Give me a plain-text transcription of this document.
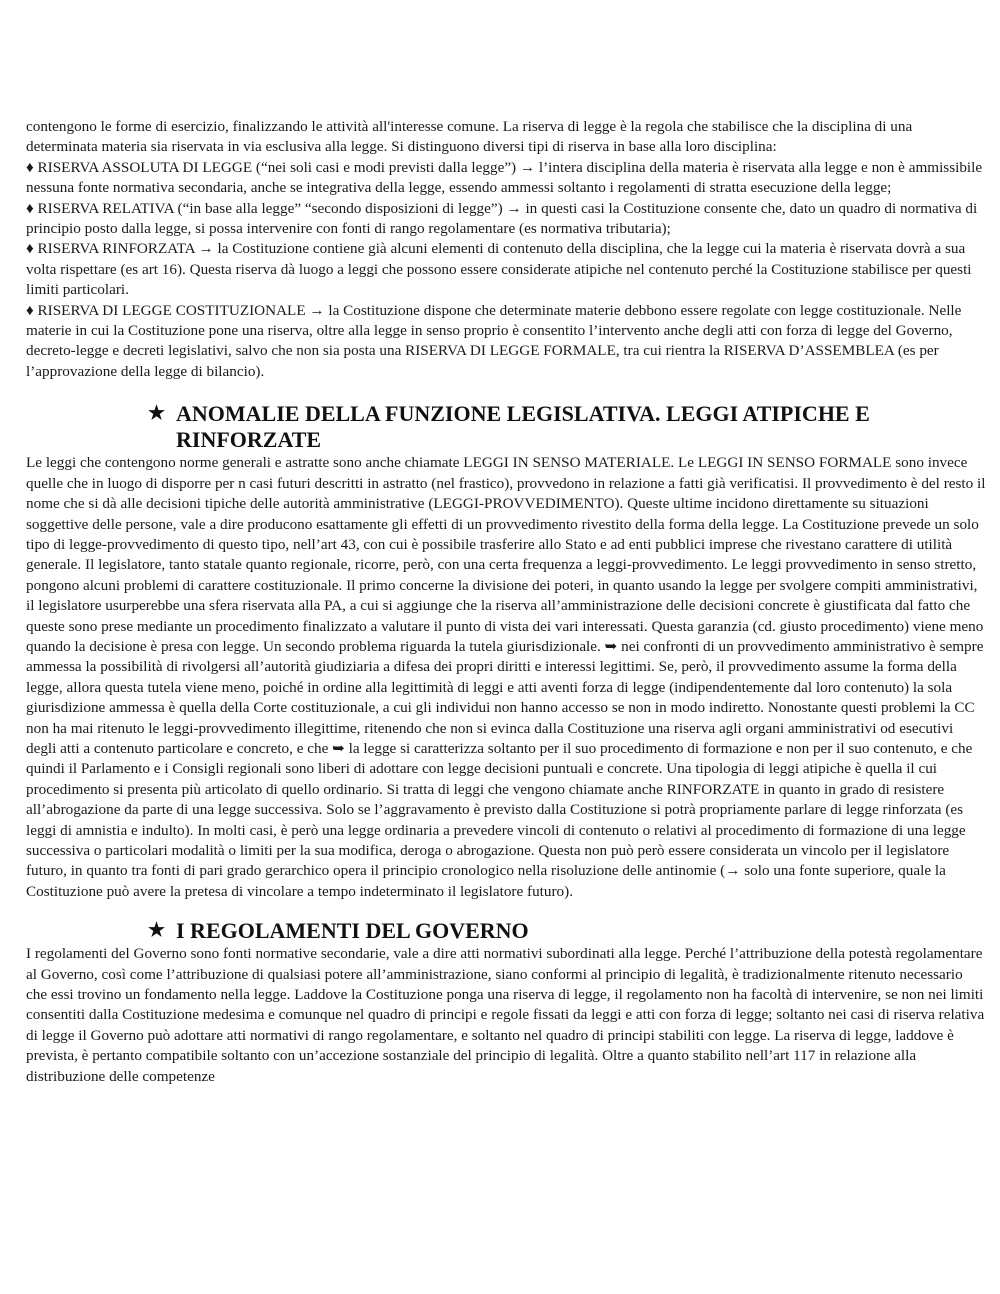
contengono le forme di esercizio, finalizzando le attività all'interesse comune. La riserva di legge è la regola che stabilisce che la disciplina di una determinata materia sia riservata in via esclusiva alla legge. Si distinguono diversi tipi di riserva in base alla loro disciplina:

♦ RISERVA ASSOLUTA DI LEGGE (“nei soli casi e modi previsti dalla legge”) → l’intera disciplina della materia è riservata alla legge e non è ammissibile nessuna fonte normativa secondaria, anche se integrativa della legge, essendo ammessi soltanto i regolamenti di stratta esecuzione della legge;

♦ RISERVA RELATIVA (“in base alla legge” “secondo disposizioni di legge”) → in questi casi la Costituzione consente che, dato un quadro di normativa di principio posto dalla legge, si possa intervenire con fonti di rango regolamentare (es normativa tributaria);

♦ RISERVA RINFORZATA → la Costituzione contiene già alcuni elementi di contenuto della disciplina, che la legge cui la materia è riservata dovrà a sua volta rispettare (es art 16). Questa riserva dà luogo a leggi che possono essere considerate atipiche nel contenuto perché la Costituzione stabilisce per questi limiti particolari.

♦ RISERVA DI LEGGE COSTITUZIONALE → la Costituzione dispone che determinate materie debbono essere regolate con legge costituzionale. Nelle materie in cui la Costituzione pone una riserva, oltre alla legge in senso proprio è consentito l’intervento anche degli atti con forza di legge del Governo, decreto-legge e decreti legislativi, salvo che non sia posta una RISERVA DI LEGGE FORMALE, tra cui rientra la RISERVA D’ASSEMBLEA (es per l’approvazione della legge di bilancio).

★ ANOMALIE DELLA FUNZIONE LEGISLATIVA. LEGGI ATIPICHE E RINFORZATE

Le leggi che contengono norme generali e astratte sono anche chiamate LEGGI IN SENSO MATERIALE. Le LEGGI IN SENSO FORMALE sono invece quelle che in luogo di disporre per n casi futuri descritti in astratto (nel frastico), provvedono in relazione a fatti già verificatisi. Il provvedimento è del resto il nome che si dà alle decisioni tipiche delle autorità amministrative (LEGGI-PROVVEDIMENTO). Queste ultime incidono direttamente su situazioni soggettive delle persone, vale a dire producono esattamente gli effetti di un provvedimento rivestito della forma della legge. La Costituzione prevede un solo tipo di legge-provvedimento di questo tipo, nell’art 43, con cui è possibile trasferire allo Stato e ad enti pubblici imprese che rivestano carattere di utilità generale. Il legislatore, tanto statale quanto regionale, ricorre, però, con una certa frequenza a leggi-provvedimento. Le leggi provvedimento in senso stretto, pongono alcuni problemi di carattere costituzionale. Il primo concerne la divisione dei poteri, in quanto usando la legge per svolgere compiti amministrativi, il legislatore usurperebbe una sfera riservata alla PA, a cui si aggiunge che la riserva all’amministrazione delle decisioni concrete è giustificata dal fatto che queste sono prese mediante un procedimento finalizzato a valutare il punto di vista dei vari interessati. Questa garanzia (cd. giusto procedimento) viene meno quando la decisione è presa con legge. Un secondo problema riguarda la tutela giurisdizionale. ➥ nei confronti di un provvedimento amministrativo è sempre ammessa la possibilità di rivolgersi all’autorità giudiziaria a difesa dei propri diritti e interessi legittimi. Se, però, il provvedimento assume la forma della legge, allora questa tutela viene meno, poiché in ordine alla legittimità di leggi e atti aventi forza di legge (indipendentemente dal loro contenuto) la sola giurisdizione ammessa è quella della Corte costituzionale, a cui gli individui non hanno accesso se non in modo indiretto. Nonostante questi problemi la CC non ha mai ritenuto le leggi-provvedimento illegittime, ritenendo che non si evinca dalla Costituzione una riserva agli organi amministrativi od esecutivi degli atti a contenuto particolare e concreto, e che ➥ la legge si caratterizza soltanto per il suo procedimento di formazione e non per il suo contenuto, e che quindi il Parlamento e i Consigli regionali sono liberi di adottare con legge decisioni puntuali e concrete. Una tipologia di leggi atipiche è quella il cui procedimento si presenta più articolato di quello ordinario. Si tratta di leggi che vengono chiamate anche RINFORZATE in quanto in grado di resistere all’abrogazione da parte di una legge successiva. Solo se l’aggravamento è previsto dalla Costituzione si potrà propriamente parlare di legge rinforzata (es leggi di amnistia e indulto). In molti casi, è però una legge ordinaria a prevedere vincoli di contenuto o relativi al procedimento di formazione di una legge successiva o particolari modalità o limiti per la sua modifica, deroga o abrogazione. Questa non può però essere considerata un vincolo per il legislatore futuro, in quanto tra fonti di pari grado gerarchico opera il principio cronologico nella risoluzione delle antinomie (→ solo una fonte superiore, quale la Costituzione può avere la pretesa di vincolare a tempo indeterminato il legislatore futuro).

★ I REGOLAMENTI DEL GOVERNO

I regolamenti del Governo sono fonti normative secondarie, vale a dire atti normativi subordinati alla legge. Perché l’attribuzione della potestà regolamentare al Governo, così come l’attribuzione di qualsiasi potere all’amministrazione, siano conformi al principio di legalità, è tradizionalmente ritenuto necessario che essi trovino un fondamento nella legge. Laddove la Costituzione ponga una riserva di legge, il regolamento non ha facoltà di intervenire, se non nei limiti consentiti dalla Costituzione medesima e comunque nel quadro di principi e regole fissati da leggi e atti con forza di legge; soltanto nei casi di riserva relativa di legge il Governo può adottare atti normativi di rango regolamentare, e soltanto nel quadro di principi stabiliti con legge. La riserva di legge, laddove è prevista, è pertanto compatibile soltanto con un’accezione sostanziale del principio di legalità. Oltre a quanto stabilito nell’art 117 in relazione alla distribuzione delle competenze
